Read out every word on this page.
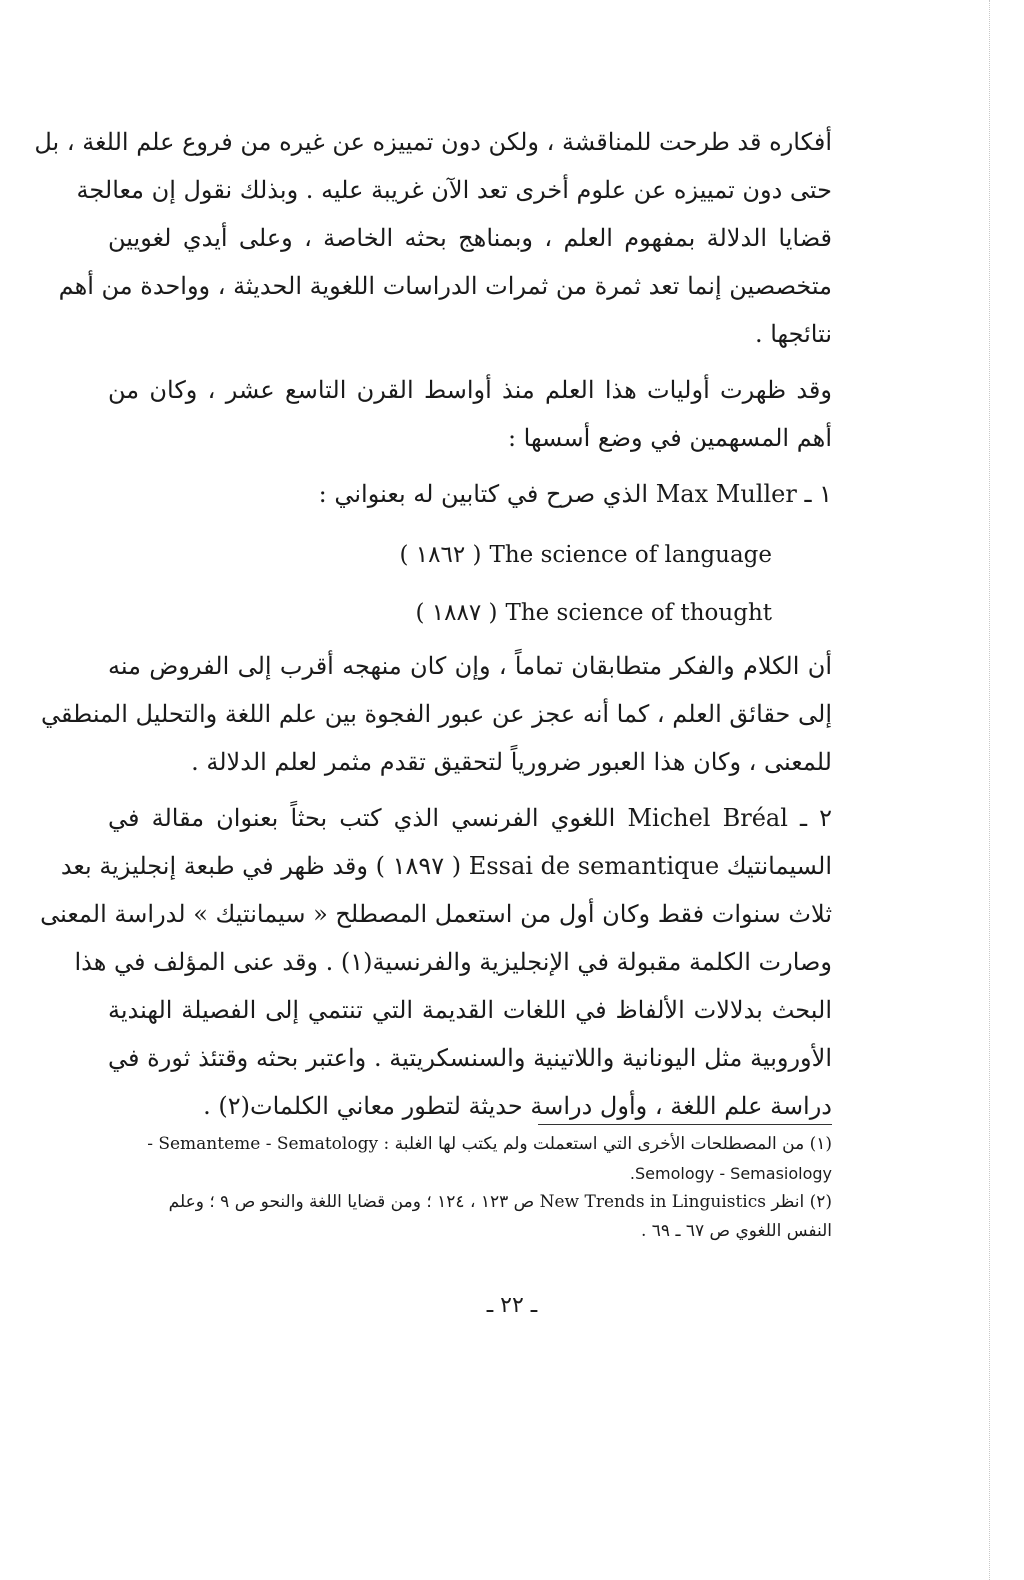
أفكاره قد طرحت للمناقشة ، ولكن دون تمييزه عن غيره من فروع علم اللغة ، بل

حتى دون تمييزه عن علوم أخرى تعد الآن غريبة عليه . وبذلك نقول إن معالجة

قضايا الدلالة بمفهوم العلم ، وبمناهج بحثه الخاصة ، وعلى أيدي لغويين

متخصصين إنما تعد ثمرة من ثمرات الدراسات اللغوية الحديثة ، وواحدة من أهم

نتائجها .

وقد ظهرت أوليات هذا العلم منذ أواسط القرن التاسع عشر ، وكان من

أهم المسهمين في وضع أسسها :

١ ـ Max Muller الذي صرح في كتابين له بعنواني :

( ١٨٦٢ ) The science of language
( ١٨٨٧ ) The science of thought

أن الكلام والفكر متطابقان تماماً ، وإن كان منهجه أقرب إلى الفروض منه

إلى حقائق العلم ، كما أنه عجز عن عبور الفجوة بين علم اللغة والتحليل المنطقي

للمعنى ، وكان هذا العبور ضرورياً لتحقيق تقدم مثمر لعلم الدلالة .

٢ ـ Michel Bréal اللغوي الفرنسي الذي كتب بحثاً بعنوان مقالة في

السيمانتيك Essai de semantique ( ١٨٩٧ ) وقد ظهر في طبعة إنجليزية بعد

ثلاث سنوات فقط وكان أول من استعمل المصطلح « سيمانتيك » لدراسة المعنى

وصارت الكلمة مقبولة في الإنجليزية والفرنسية(١) . وقد عنى المؤلف في هذا

البحث بدلالات الألفاظ في اللغات القديمة التي تنتمي إلى الفصيلة الهندية

الأوروبية مثل اليونانية واللاتينية والسنسكريتية . واعتبر بحثه وقتئذ ثورة في

دراسة علم اللغة ، وأول دراسة حديثة لتطور معاني الكلمات(٢) .

(١) من المصطلحات الأخرى التي استعملت ولم يكتب لها الغلبة : Semanteme - Sematology -

Semology - Semasiology.

(٢) انظر New Trends in Linguistics ص ١٢٣ ، ١٢٤ ؛ ومن قضايا اللغة والنحو ص ٩ ؛ وعلم

النفس اللغوي ص ٦٧ ـ ٦٩ .

ـ ٢٢ ـ
